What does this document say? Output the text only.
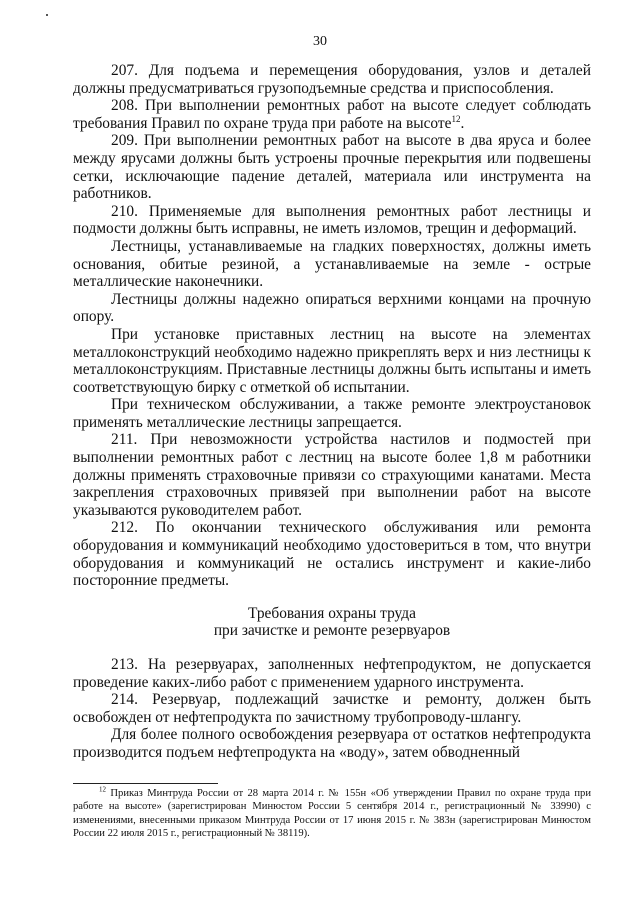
30

207. Для подъема и перемещения оборудования, узлов и деталей должны предусматриваться грузоподъемные средства и приспособления.

208. При выполнении ремонтных работ на высоте следует соблюдать требования Правил по охране труда при работе на высоте$^{12}$.

209. При выполнении ремонтных работ на высоте в два яруса и более между ярусами должны быть устроены прочные перекрытия или подвешены сетки, исключающие падение деталей, материала или инструмента на работников.

210. Применяемые для выполнения ремонтных работ лестницы и подмости должны быть исправны, не иметь изломов, трещин и деформаций.

Лестницы, устанавливаемые на гладких поверхностях, должны иметь основания, обитые резиной, а устанавливаемые на земле - острые металлические наконечники.

Лестницы должны надежно опираться верхними концами на прочную опору.

При установке приставных лестниц на высоте на элементах металлоконструкций необходимо надежно прикреплять верх и низ лестницы к металлоконструкциям. Приставные лестницы должны быть испытаны и иметь соответствующую бирку с отметкой об испытании.

При техническом обслуживании, а также ремонте электроустановок применять металлические лестницы запрещается.

211. При невозможности устройства настилов и подмостей при выполнении ремонтных работ с лестниц на высоте более 1,8 м работники должны применять страховочные привязи со страхующими канатами. Места закрепления страховочных привязей при выполнении работ на высоте указываются руководителем работ.

212. По окончании технического обслуживания или ремонта оборудования и коммуникаций необходимо удостовериться в том, что внутри оборудования и коммуникаций не остались инструмент и какие-либо посторонние предметы.

Требования охраны труда
при зачистке и ремонте резервуаров

213. На резервуарах, заполненных нефтепродуктом, не допускается проведение каких-либо работ с применением ударного инструмента.

214. Резервуар, подлежащий зачистке и ремонту, должен быть освобожден от нефтепродукта по зачистному трубопроводу-шлангу.

Для более полного освобождения резервуара от остатков нефтепродукта производится подъем нефтепродукта на «воду», затем обводненный

$^{12}$ Приказ Минтруда России от 28 марта 2014 г. № 155н «Об утверждении Правил по охране труда при работе на высоте» (зарегистрирован Минюстом России 5 сентября 2014 г., регистрационный № 33990) с изменениями, внесенными приказом Минтруда России от 17 июня 2015 г. № 383н (зарегистрирован Минюстом России 22 июля 2015 г., регистрационный № 38119).
